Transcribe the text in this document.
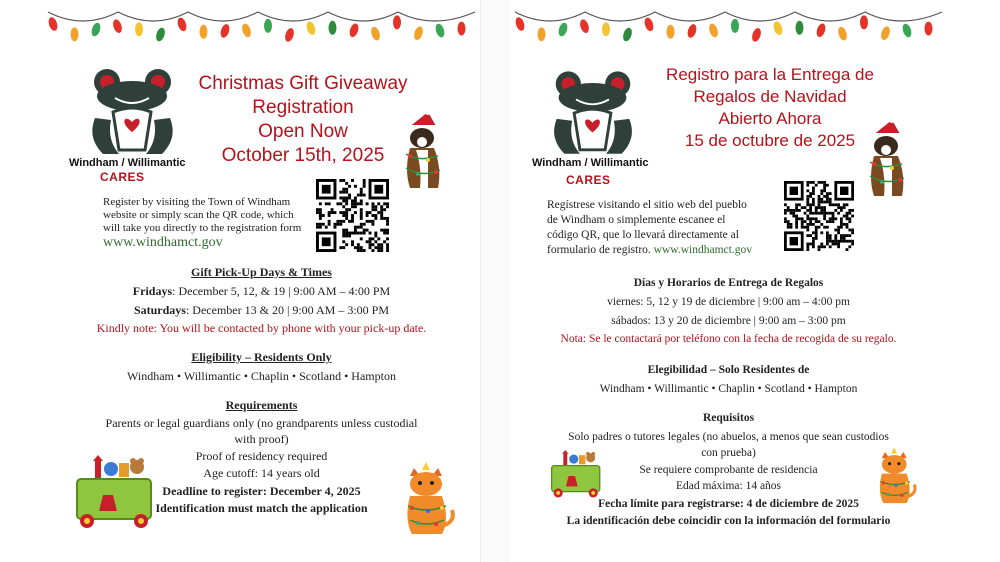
Windham / Willimantic
CARES
Christmas Gift Giveaway
Registration
Open Now
October 15th, 2025
Register by visiting the Town of Windham
website or simply scan the QR code, which
will take you directly to the registration form
www.windhamct.gov
Gift Pick-Up Days & Times
Fridays: December 5, 12, & 19 | 9:00 AM – 4:00 PM
Saturdays: December 13 & 20 | 9:00 AM – 3:00 PM
Kindly note: You will be contacted by phone with your pick-up date.
Eligibility – Residents Only
Windham • Willimantic • Chaplin • Scotland • Hampton
Requirements
Parents or legal guardians only (no grandparents unless custodial
with proof)
Proof of residency required
Age cutoff: 14 years old
Deadline to register: December 4, 2025
Identification must match the application
Windham / Willimantic
CARES
Registro para la Entrega de
Regalos de Navidad
Abierto Ahora
15 de octubre de 2025
Regístrese visitando el sitio web del pueblo
de Windham o simplemente escanee el
código QR, que lo llevará directamente al
formulario de registro. www.windhamct.gov
Días y Horarios de Entrega de Regalos
viernes: 5, 12 y 19 de diciembre | 9:00 am – 4:00 pm
sábados: 13 y 20 de diciembre | 9:00 am – 3:00 pm
Nota: Se le contactará por teléfono con la fecha de recogida de su regalo.
Elegibilidad – Solo Residentes de
Windham • Willimantic • Chaplin • Scotland • Hampton
Requisitos
Solo padres o tutores legales (no abuelos, a menos que sean custodios
con prueba)
Se requiere comprobante de residencia
Edad máxima: 14 años
Fecha límite para registrarse: 4 de diciembre de 2025
La identificación debe coincidir con la información del formulario
